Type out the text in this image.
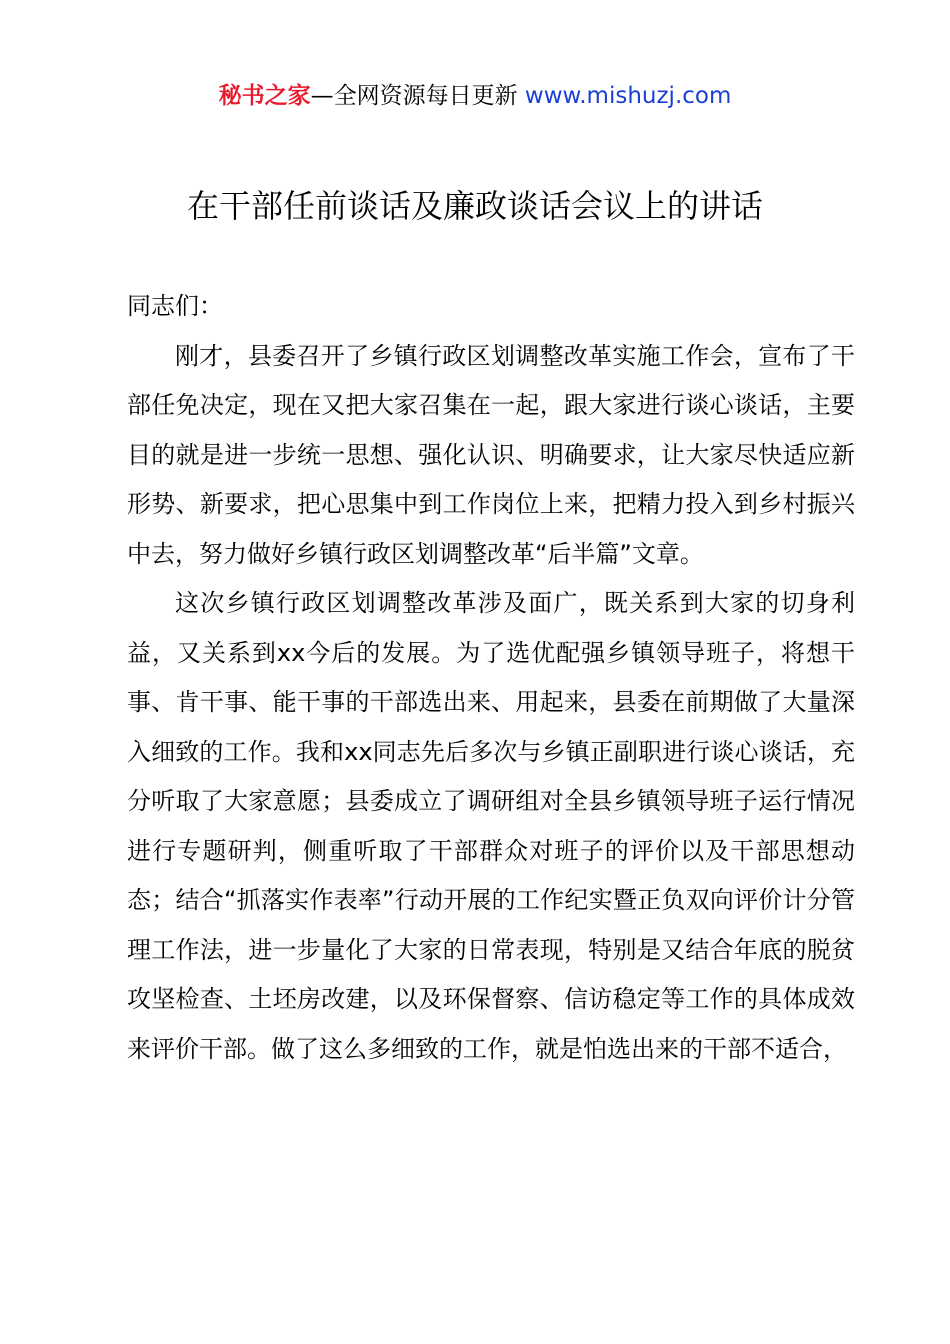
秘书之家—全网资源每日更新 www.mishuzj.com
在干部任前谈话及廉政谈话会议上的讲话

同志们：

刚才，县委召开了乡镇行政区划调整改革实施工作会，宣布了干部任免决定，现在又把大家召集在一起，跟大家进行谈心谈话，主要目的就是进一步统一思想、强化认识、明确要求，让大家尽快适应新形势、新要求，把心思集中到工作岗位上来，把精力投入到乡村振兴中去，努力做好乡镇行政区划调整改革“后半篇”文章。

这次乡镇行政区划调整改革涉及面广，既关系到大家的切身利益，又关系到xx今后的发展。为了选优配强乡镇领导班子，将想干事、肯干事、能干事的干部选出来、用起来，县委在前期做了大量深入细致的工作。我和xx同志先后多次与乡镇正副职进行谈心谈话，充分听取了大家意愿；县委成立了调研组对全县乡镇领导班子运行情况进行专题研判，侧重听取了干部群众对班子的评价以及干部思想动态；结合“抓落实作表率”行动开展的工作纪实暨正负双向评价计分管理工作法，进一步量化了大家的日常表现，特别是又结合年底的脱贫攻坚检查、土坯房改建，以及环保督察、信访稳定等工作的具体成效来评价干部。做了这么多细致的工作，就是怕选出来的干部不适合，
